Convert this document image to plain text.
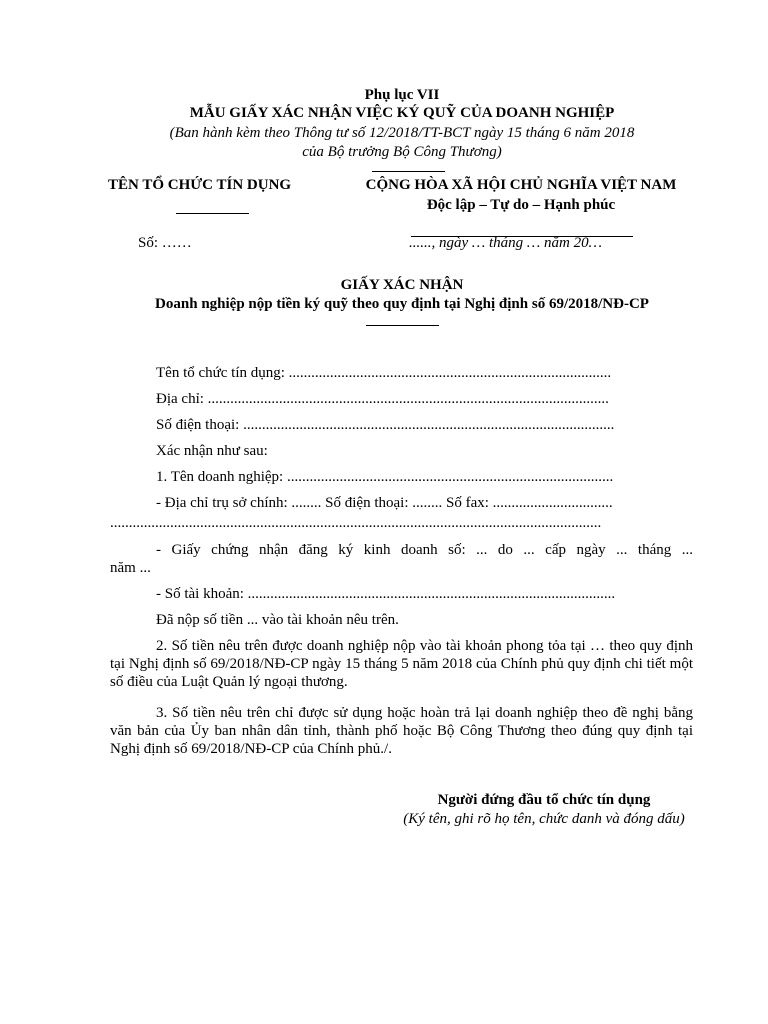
Phụ lục VII
MẪU GIẤY XÁC NHẬN VIỆC KÝ QUỸ CỦA DOANH NGHIỆP
(Ban hành kèm theo Thông tư số 12/2018/TT-BCT ngày 15 tháng 6 năm 2018
của Bộ trưởng Bộ Công Thương)
TÊN TỔ CHỨC TÍN DỤNG
Số: ……
CỘNG HÒA XÃ HỘI CHỦ NGHĨA VIỆT NAM
Độc lập – Tự do – Hạnh phúc
......, ngày … tháng … năm 20…
GIẤY XÁC NHẬN
Doanh nghiệp nộp tiền ký quỹ theo quy định tại Nghị định số 69/2018/NĐ-CP
Tên tổ chức tín dụng: ......................................................................................
Địa chỉ: ...........................................................................................................
Số điện thoại: ...................................................................................................
Xác nhận như sau:
1. Tên doanh nghiệp: .......................................................................................
- Địa chỉ trụ sở chính: ........ Số điện thoại: ........ Số fax: ................................
...................................................................................................................................
- Giấy chứng nhận đăng ký kinh doanh số: ... do ... cấp ngày ... tháng ...
năm ...
- Số tài khoản: ..................................................................................................
Đã nộp số tiền ... vào tài khoản nêu trên.
2. Số tiền nêu trên được doanh nghiệp nộp vào tài khoản phong tỏa tại … theo quy định tại Nghị định số 69/2018/NĐ-CP ngày 15 tháng 5 năm 2018 của Chính phủ quy định chi tiết một số điều của Luật Quản lý ngoại thương.
3. Số tiền nêu trên chỉ được sử dụng hoặc hoàn trả lại doanh nghiệp theo đề nghị bằng văn bản của Ủy ban nhân dân tỉnh, thành phố hoặc Bộ Công Thương theo đúng quy định tại Nghị định số 69/2018/NĐ-CP của Chính phủ./.
Người đứng đầu tổ chức tín dụng
(Ký tên, ghi rõ họ tên, chức danh và đóng dấu)
